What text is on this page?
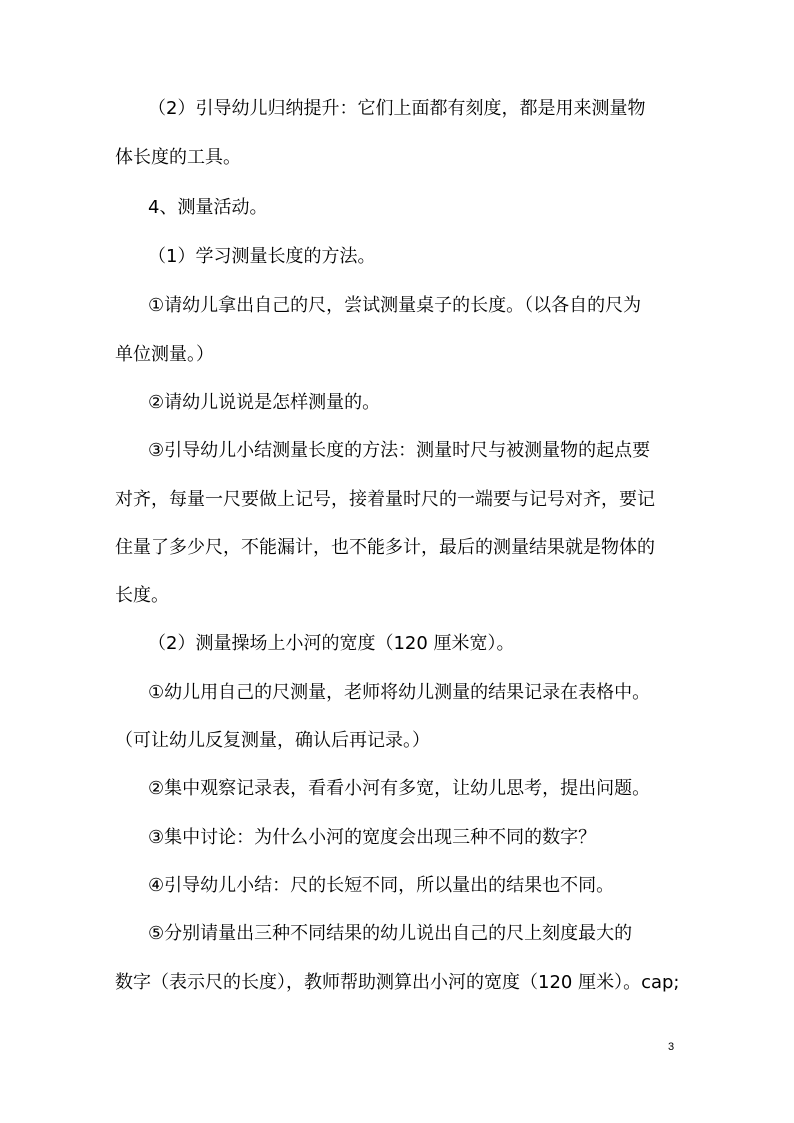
（2）引导幼儿归纳提升：它们上面都有刻度，都是用来测量物
体长度的工具。
4、测量活动。
（1）学习测量长度的方法。
①请幼儿拿出自己的尺，尝试测量桌子的长度。（以各自的尺为
单位测量。）
②请幼儿说说是怎样测量的。
③引导幼儿小结测量长度的方法：测量时尺与被测量物的起点要
对齐，每量一尺要做上记号，接着量时尺的一端要与记号对齐，要记
住量了多少尺，不能漏计，也不能多计，最后的测量结果就是物体的
长度。
（2）测量操场上小河的宽度（120 厘米宽）。
①幼儿用自己的尺测量，老师将幼儿测量的结果记录在表格中。
（可让幼儿反复测量，确认后再记录。）
②集中观察记录表，看看小河有多宽，让幼儿思考，提出问题。
③集中讨论：为什么小河的宽度会出现三种不同的数字？
④引导幼儿小结：尺的长短不同，所以量出的结果也不同。
⑤分别请量出三种不同结果的幼儿说出自己的尺上刻度最大的
数字（表示尺的长度），教师帮助测算出小河的宽度（120 厘米）。cap;
3
